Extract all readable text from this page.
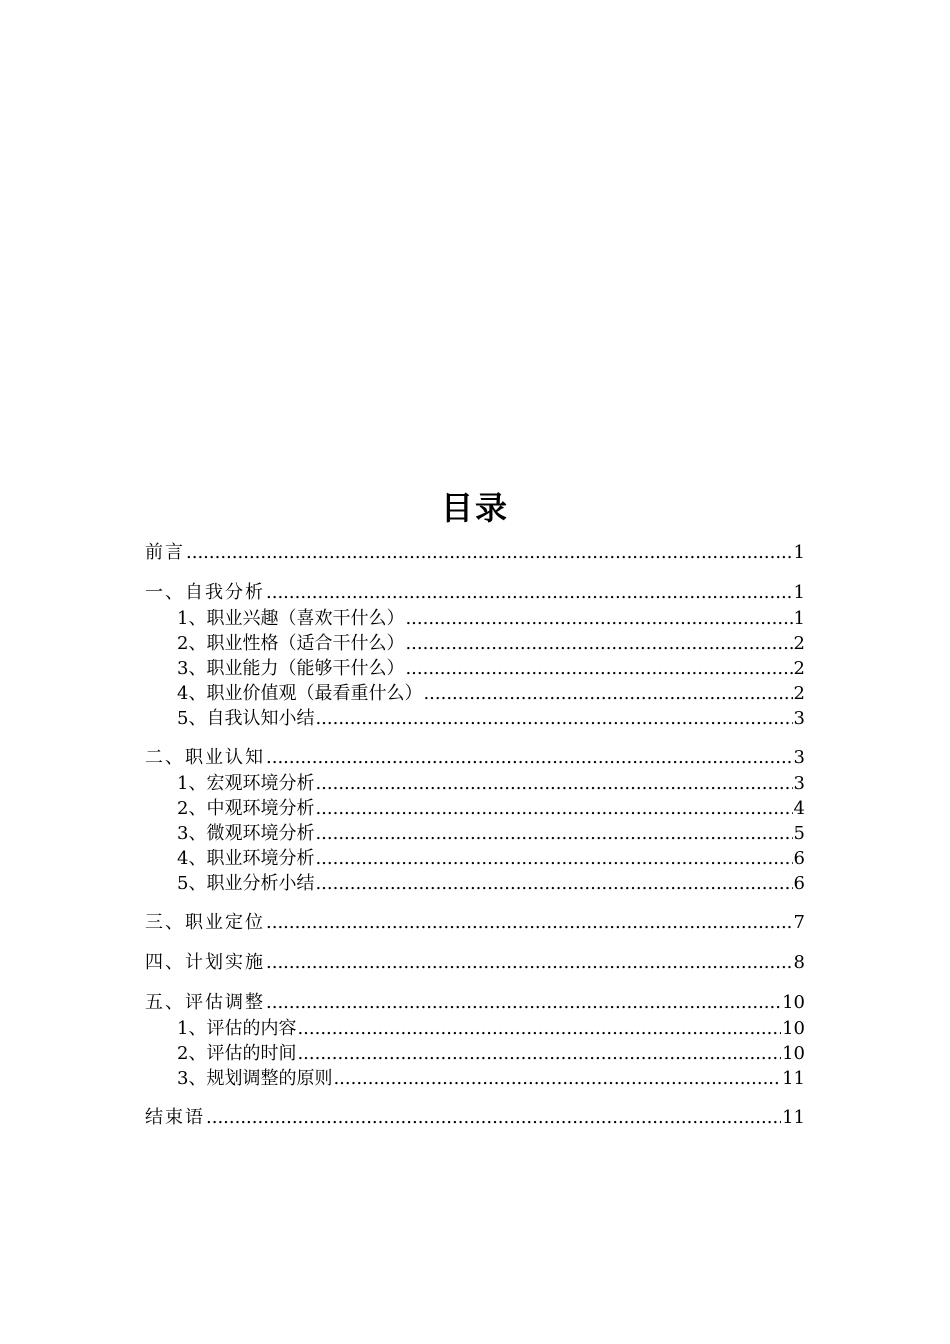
目录
前言 .....	1
一、自我分析 .....	1
1、职业兴趣（喜欢干什么） .....	1
2、职业性格（适合干什么） .....	2
3、职业能力（能够干什么） .....	2
4、职业价值观（最看重什么） .....	2
5、自我认知小结 .....	3
二、职业认知 .....	3
1、宏观环境分析 .....	3
2、中观环境分析 .....	4
3、微观环境分析 .....	5
4、职业环境分析 .....	6
5、职业分析小结 .....	6
三、职业定位 .....	7
四、计划实施 .....	8
五、评估调整 .....	10
1、评估的内容 .....	10
2、评估的时间 .....	10
3、规划调整的原则 .....	11
结束语 .....	11
